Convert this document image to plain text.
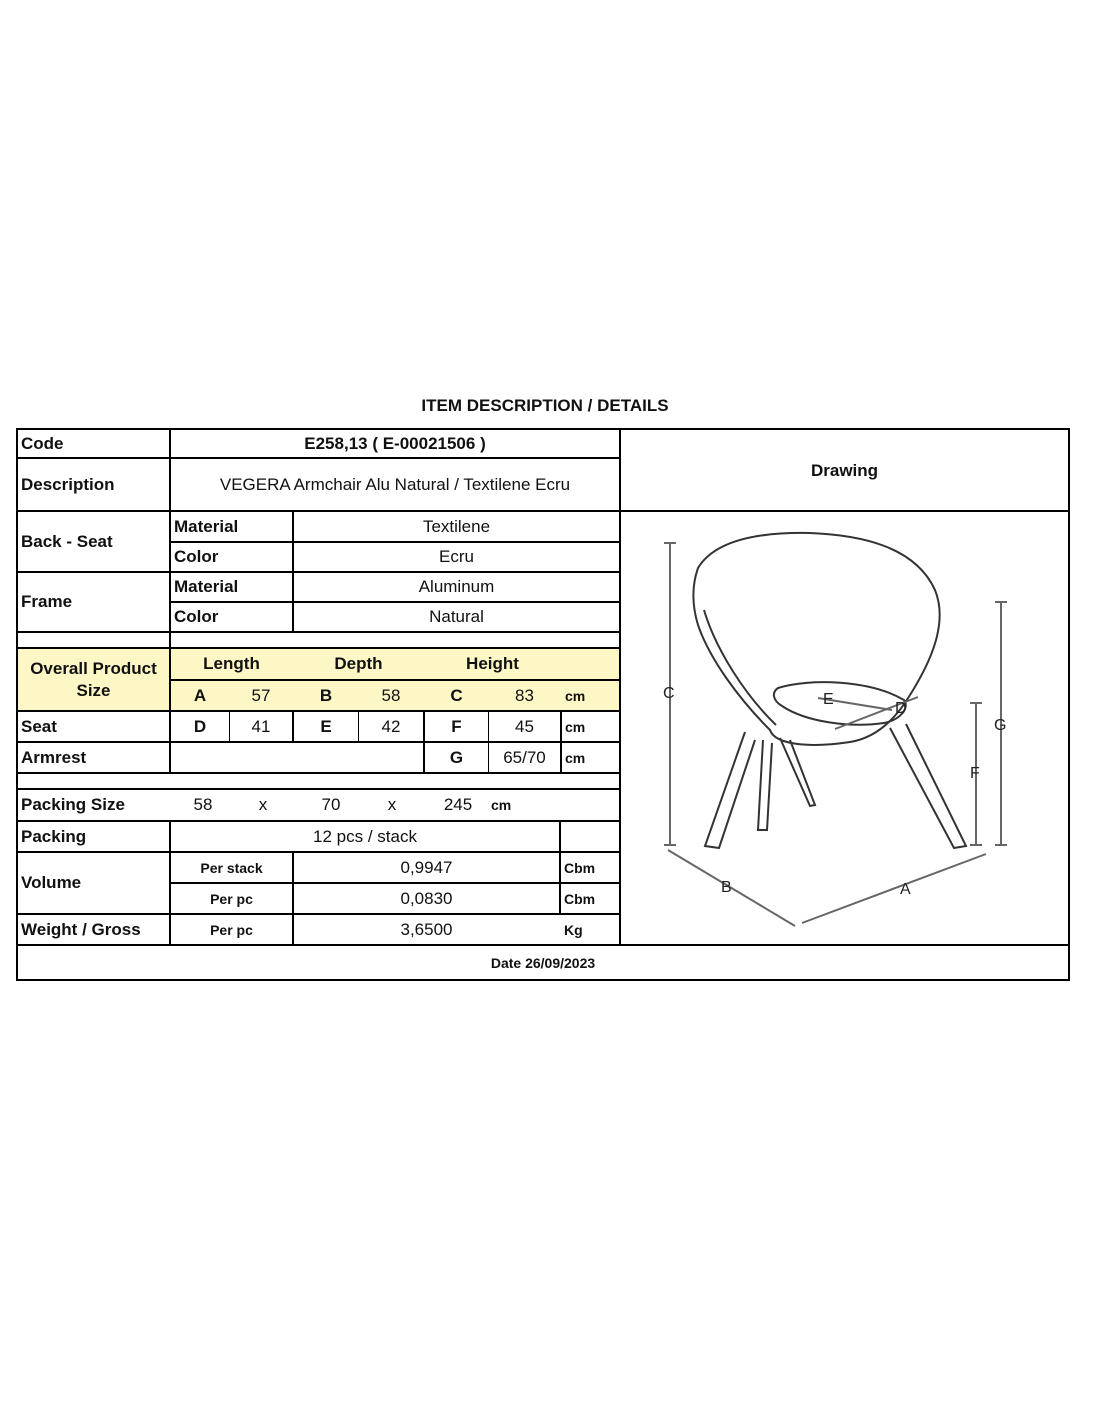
ITEM DESCRIPTION / DETAILS
Code	E258,13 ( E-00021506 )
Description	VEGERA Armchair Alu Natural / Textilene Ecru
Drawing
Back - Seat
Material	Textilene
Color	Ecru
Frame
Material	Aluminum
Color	Natural
Overall Product Size
Length	Depth	Height
A	57	B	58	C	83	cm
Seat	D	41	E	42	F	45	cm
Armrest	G	65/70	cm
Packing Size	58	x	70	x	245	cm
Packing	12 pcs / stack
Volume
Per stack	0,9947	Cbm
Per pc	0,0830	Cbm
Weight / Gross	Per pc	3,6500	Kg
Date 26/09/2023
C
G
F
B	A
E
D
